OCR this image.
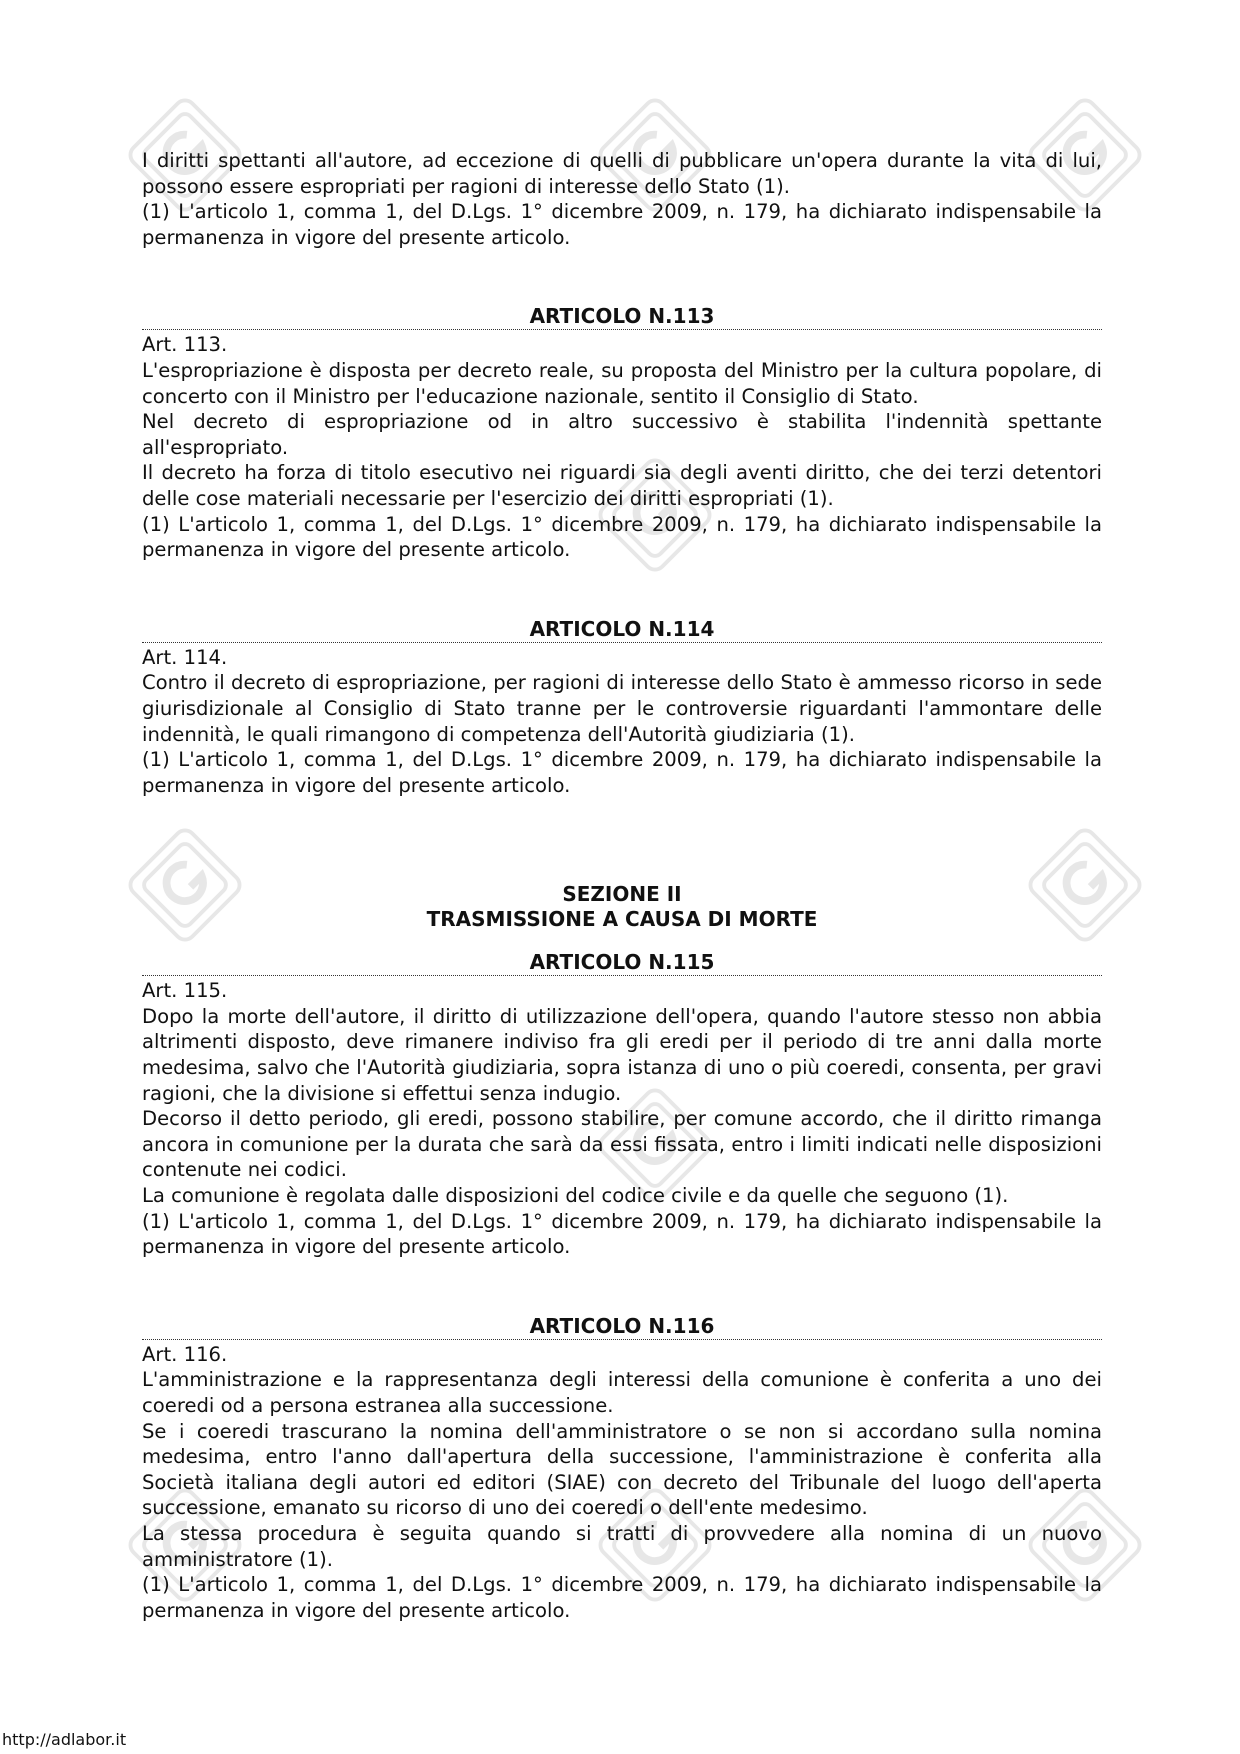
I diritti spettanti all'autore, ad eccezione di quelli di pubblicare un'opera durante la vita di lui, possono essere espropriati per ragioni di interesse dello Stato (1).

(1) L'articolo 1, comma 1, del D.Lgs. 1° dicembre 2009, n. 179, ha dichiarato indispensabile la permanenza in vigore del presente articolo.

ARTICOLO N.113

Art. 113.

L'espropriazione è disposta per decreto reale, su proposta del Ministro per la cultura popolare, di concerto con il Ministro per l'educazione nazionale, sentito il Consiglio di Stato.

Nel decreto di espropriazione od in altro successivo è stabilita l'indennità spettante all'espropriato.

Il decreto ha forza di titolo esecutivo nei riguardi sia degli aventi diritto, che dei terzi detentori delle cose materiali necessarie per l'esercizio dei diritti espropriati (1).

(1) L'articolo 1, comma 1, del D.Lgs. 1° dicembre 2009, n. 179, ha dichiarato indispensabile la permanenza in vigore del presente articolo.

ARTICOLO N.114

Art. 114.

Contro il decreto di espropriazione, per ragioni di interesse dello Stato è ammesso ricorso in sede giurisdizionale al Consiglio di Stato tranne per le controversie riguardanti l'ammontare delle indennità, le quali rimangono di competenza dell'Autorità giudiziaria (1).

(1) L'articolo 1, comma 1, del D.Lgs. 1° dicembre 2009, n. 179, ha dichiarato indispensabile la permanenza in vigore del presente articolo.

SEZIONE II
TRASMISSIONE A CAUSA DI MORTE
ARTICOLO N.115

Art. 115.

Dopo la morte dell'autore, il diritto di utilizzazione dell'opera, quando l'autore stesso non abbia altrimenti disposto, deve rimanere indiviso fra gli eredi per il periodo di tre anni dalla morte medesima, salvo che l'Autorità giudiziaria, sopra istanza di uno o più coeredi, consenta, per gravi ragioni, che la divisione si effettui senza indugio.

Decorso il detto periodo, gli eredi, possono stabilire, per comune accordo, che il diritto rimanga ancora in comunione per la durata che sarà da essi fissata, entro i limiti indicati nelle disposizioni contenute nei codici.

La comunione è regolata dalle disposizioni del codice civile e da quelle che seguono (1).

(1) L'articolo 1, comma 1, del D.Lgs. 1° dicembre 2009, n. 179, ha dichiarato indispensabile la permanenza in vigore del presente articolo.

ARTICOLO N.116

Art. 116.

L'amministrazione e la rappresentanza degli interessi della comunione è conferita a uno dei coeredi od a persona estranea alla successione.

Se i coeredi trascurano la nomina dell'amministratore o se non si accordano sulla nomina medesima, entro l'anno dall'apertura della successione, l'amministrazione è conferita alla Società italiana degli autori ed editori (SIAE) con decreto del Tribunale del luogo dell'aperta successione, emanato su ricorso di uno dei coeredi o dell'ente medesimo.

La stessa procedura è seguita quando si tratti di provvedere alla nomina di un nuovo amministratore (1).

(1) L'articolo 1, comma 1, del D.Lgs. 1° dicembre 2009, n. 179, ha dichiarato indispensabile la permanenza in vigore del presente articolo.

http://adlabor.it
